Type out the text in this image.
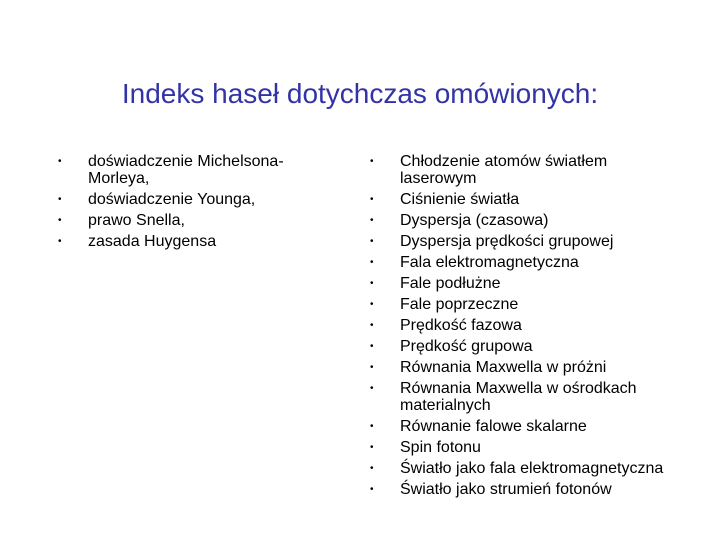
Indeks haseł dotychczas omówionych:
•	doświadczenie Michelsona-Morleya,
•	doświadczenie Younga,
•	prawo Snella,
•	zasada Huygensa
•	Chłodzenie atomów światłem laserowym
•	Ciśnienie światła
•	Dyspersja (czasowa)
•	Dyspersja prędkości grupowej
•	Fala elektromagnetyczna
•	Fale podłużne
•	Fale poprzeczne
•	Prędkość fazowa
•	Prędkość grupowa
•	Równania Maxwella w próżni
•	Równania Maxwella w ośrodkach materialnych
•	Równanie falowe skalarne
•	Spin fotonu
•	Światło jako fala elektromagnetyczna
•	Światło jako strumień fotonów
